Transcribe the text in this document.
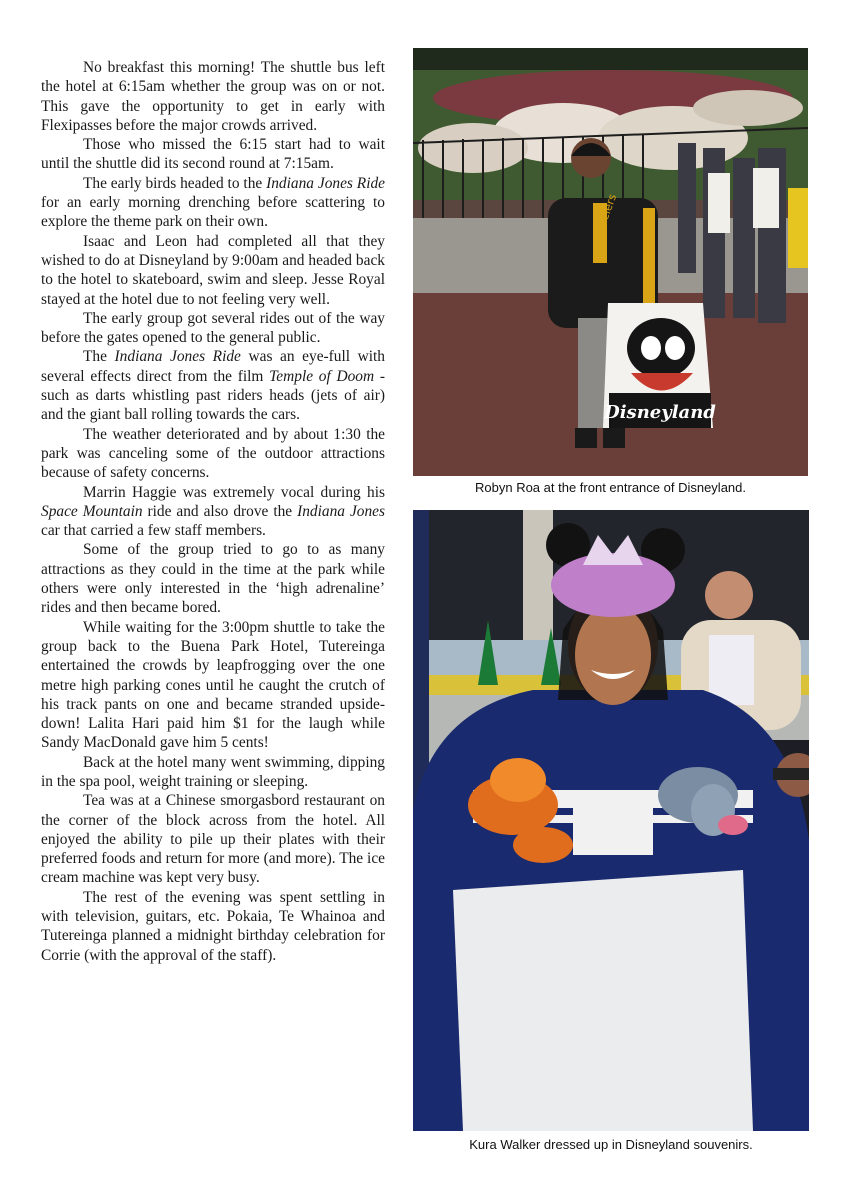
No breakfast this morning! The shuttle bus left the hotel at 6:15am whether the group was on or not. This gave the opportunity to get in early with Flexipasses before the major crowds arrived.

Those who missed the 6:15 start had to wait until the shuttle did its second round at 7:15am.

The early birds headed to the Indiana Jones Ride for an early morning drenching before scattering to explore the theme park on their own.

Isaac and Leon had completed all that they wished to do at Disneyland by 9:00am and headed back to the hotel to skateboard, swim and sleep. Jesse Royal stayed at the hotel due to not feeling very well.

The early group got several rides out of the way before the gates opened to the general public.

The Indiana Jones Ride was an eye-full with several effects direct from the film Temple of Doom - such as darts whistling past riders heads (jets of air) and the giant ball rolling towards the cars.

The weather deteriorated and by about 1:30 the park was canceling some of the outdoor attractions because of safety concerns.

Marrin Haggie was extremely vocal during his Space Mountain ride and also drove the Indiana Jones car that carried a few staff members.

Some of the group tried to go to as many attractions as they could in the time at the park while others were only interested in the ‘high adrenaline’ rides and then became bored.

While waiting for the 3:00pm shuttle to take the group back to the Buena Park Hotel, Tutereinga entertained the crowds by leapfrogging over the one metre high parking cones until he caught the crutch of his track pants on one and became stranded upside-down! Lalita Hari paid him $1 for the laugh while Sandy MacDonald gave him 5 cents!

Back at the hotel many went swimming, dipping in the spa pool, weight training or sleeping.

Tea was at a Chinese smorgasbord restaurant on the corner of the block across from the hotel. All enjoyed the ability to pile up their plates with their preferred foods and return for more (and more). The ice cream machine was kept very busy.

The rest of the evening was spent settling in with television, guitars, etc. Pokaia, Te Whainoa and Tutereinga planned a midnight birthday celebration for Corrie (with the approval of the staff).

Disneyland
Steelers
Robyn Roa at the front entrance of Disneyland.
Kura Walker dressed up in Disneyland souvenirs.
